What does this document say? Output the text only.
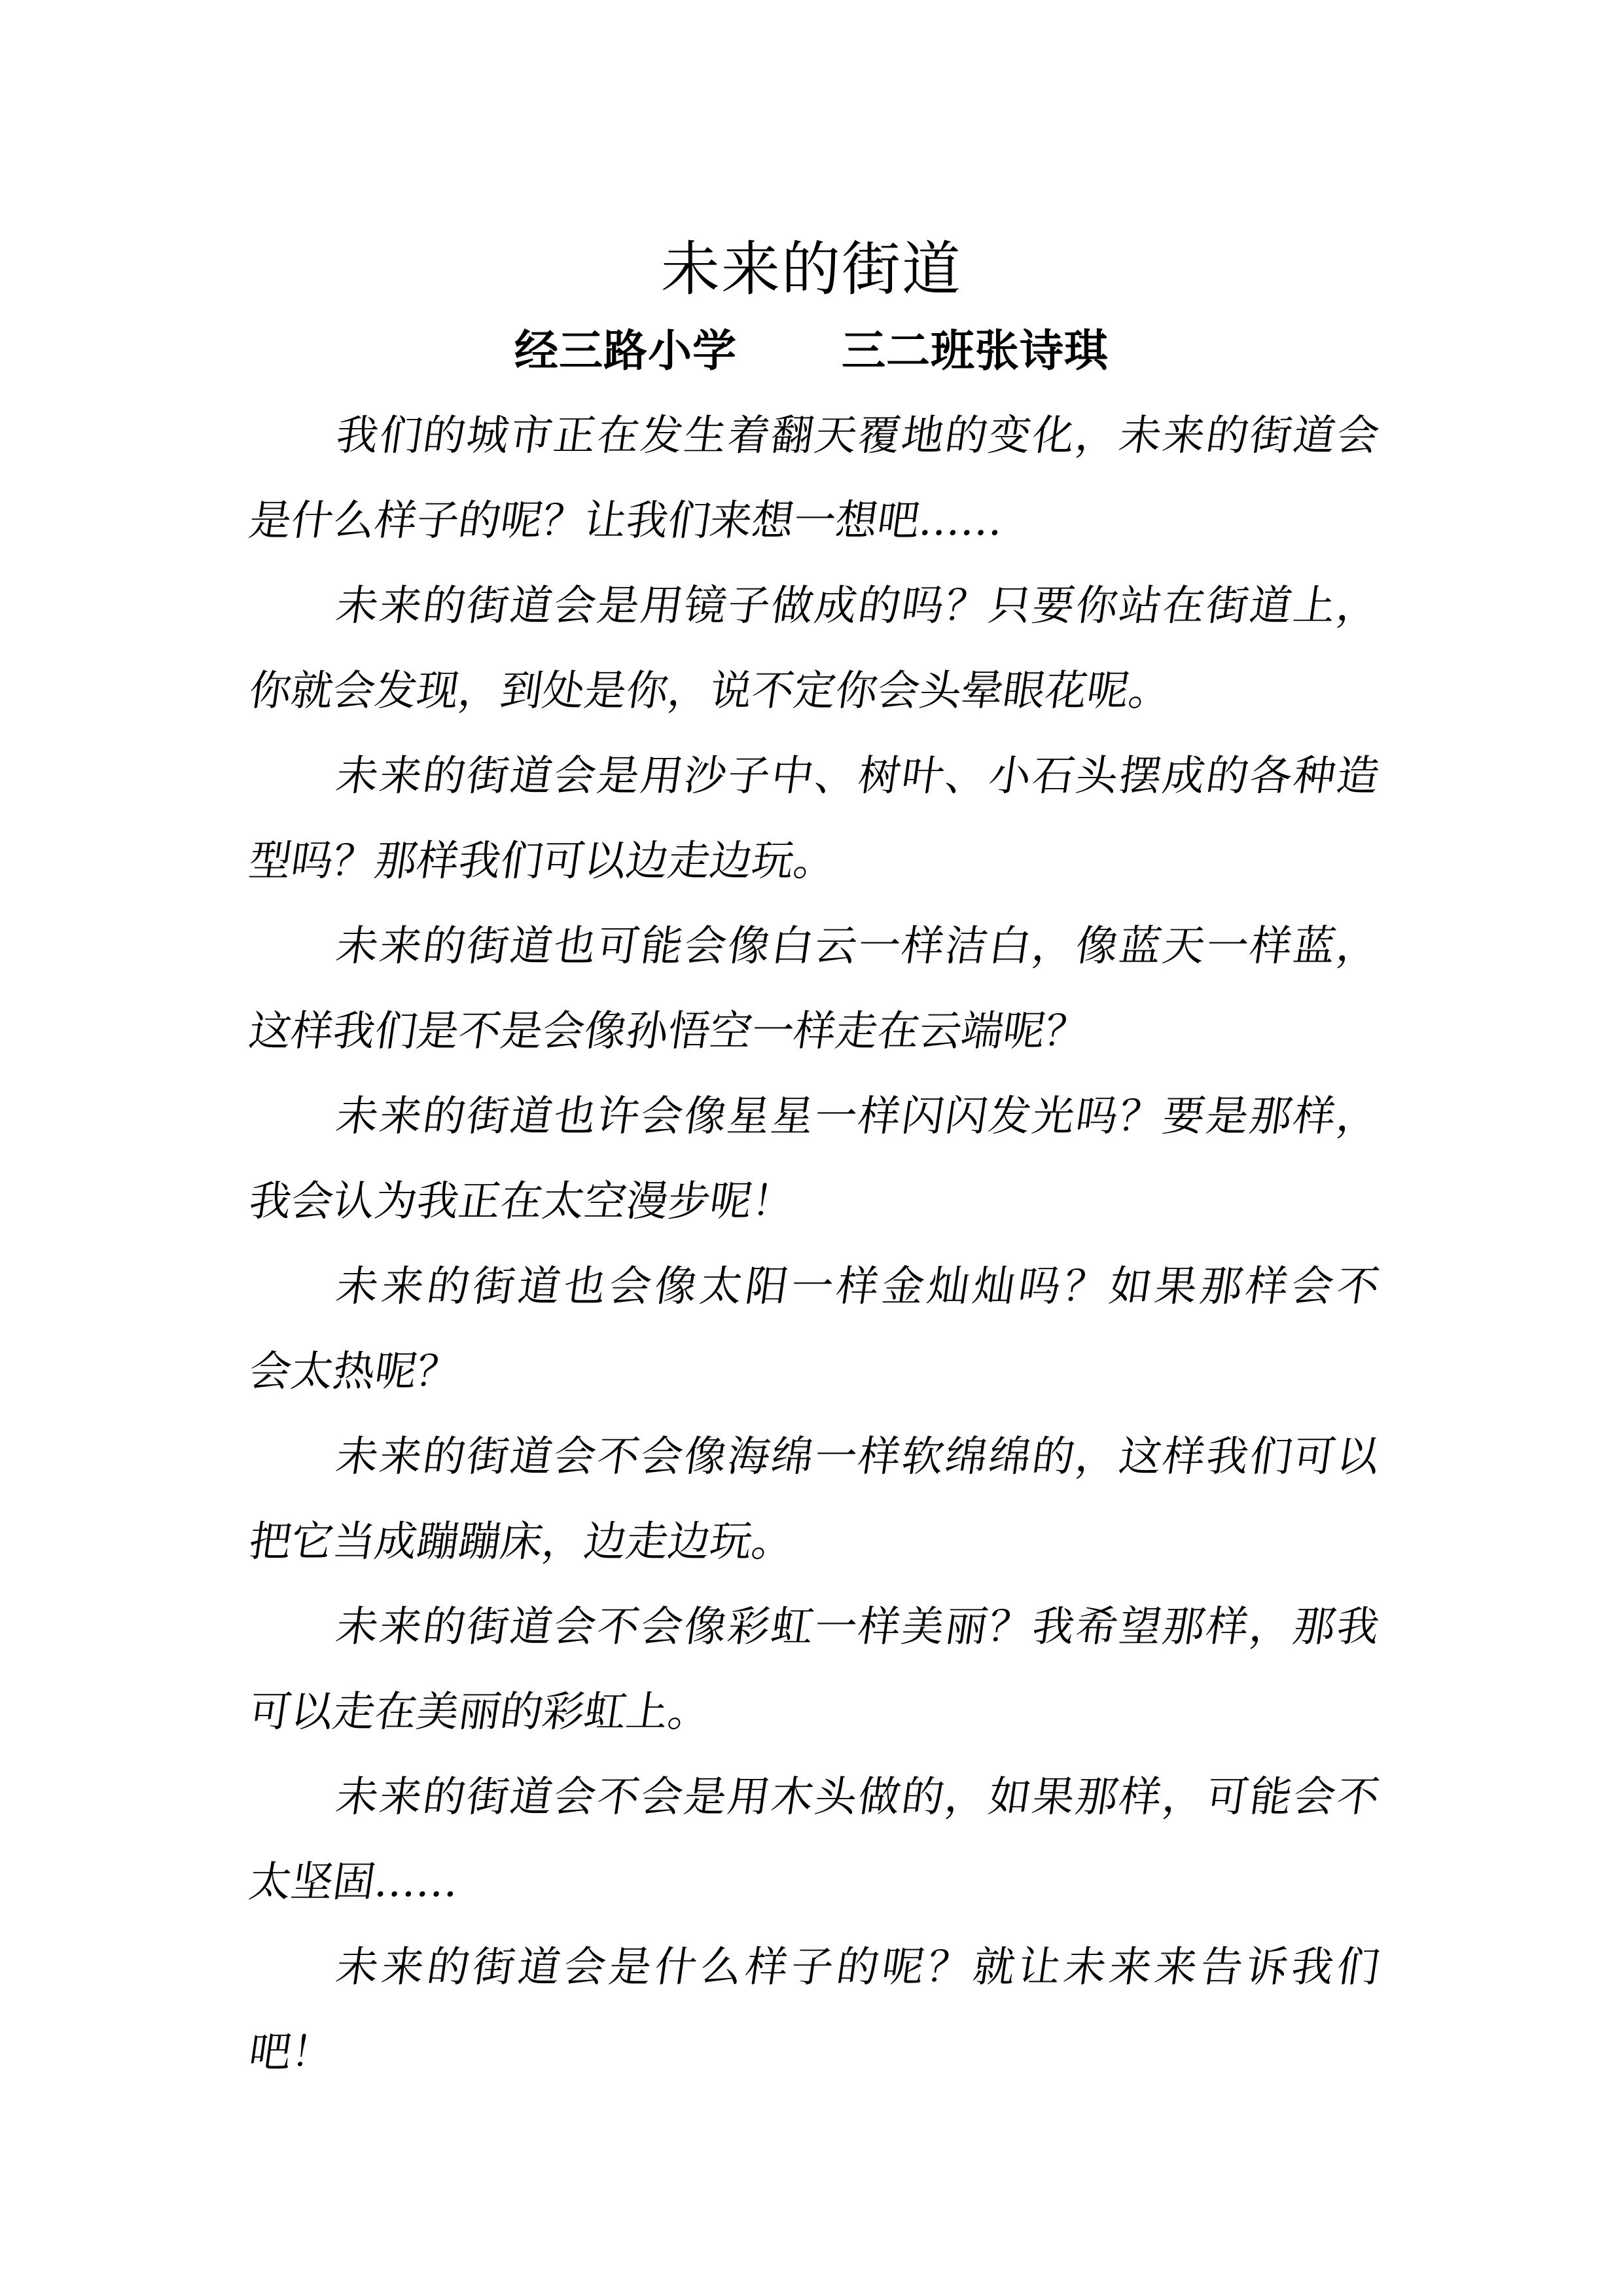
未来的街道
经三路小学 三二班张诗琪
我们的城市正在发生着翻天覆地的变化，未来的街道会
是什么样子的呢？让我们来想一想吧……
未来的街道会是用镜子做成的吗？只要你站在街道上，
你就会发现，到处是你，说不定你会头晕眼花呢。
未来的街道会是用沙子中、树叶、小石头摆成的各种造
型吗？那样我们可以边走边玩。
未来的街道也可能会像白云一样洁白，像蓝天一样蓝，
这样我们是不是会像孙悟空一样走在云端呢？
未来的街道也许会像星星一样闪闪发光吗？要是那样，
我会认为我正在太空漫步呢！
未来的街道也会像太阳一样金灿灿吗？如果那样会不
会太热呢？
未来的街道会不会像海绵一样软绵绵的，这样我们可以
把它当成蹦蹦床，边走边玩。
未来的街道会不会像彩虹一样美丽？我希望那样，那我
可以走在美丽的彩虹上。
未来的街道会不会是用木头做的，如果那样，可能会不
太坚固……
未来的街道会是什么样子的呢？就让未来来告诉我们
吧！
